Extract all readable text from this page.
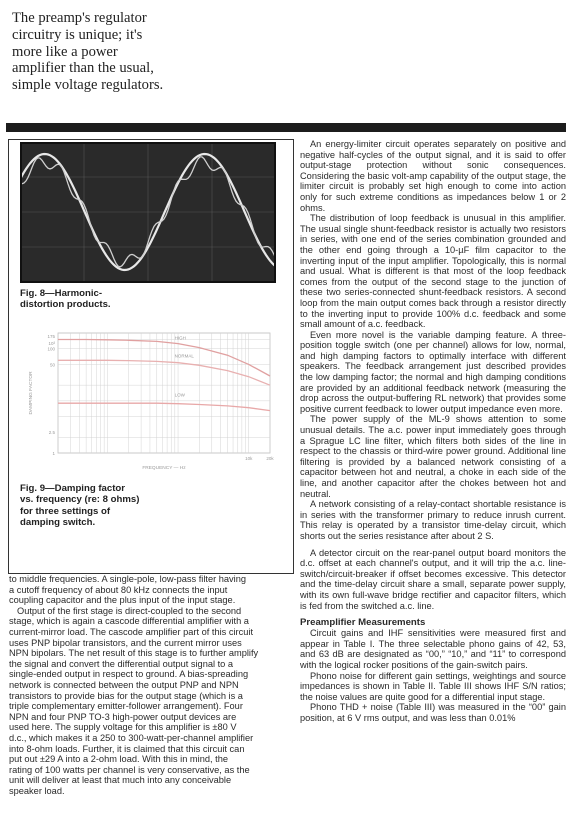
The preamp's regulator
circuitry is unique; it's
more like a power
amplifier than the usual,
simple voltage regulators.
Fig. 8—Harmonic-
distortion products.
HIGH
NORMAL
LOW
175
10³
100
50
2.5
1
10k	20k
FREQUENCY — Hz
DAMPING FACTOR
Fig. 9—Damping factor
vs. frequency (re: 8 ohms)
for three settings of
damping switch.
to middle frequencies. A single-pole, low-pass filter having
a cutoff frequency of about 80 kHz connects the input
coupling capacitor and the plus input of the input stage.
Output of the first stage is direct-coupled to the second
stage, which is again a cascode differential amplifier with a
current-mirror load. The cascode amplifier part of this circuit
uses PNP bipolar transistors, and the current mirror uses
NPN bipolars. The net result of this stage is to further amplify
the signal and convert the differential output signal to a
single-ended output in respect to ground. A bias-spreading
network is connected between the output PNP and NPN
transistors to provide bias for the output stage (which is a
triple complementary emitter-follower arrangement). Four
NPN and four PNP TO-3 high-power output devices are
used here. The supply voltage for this amplifier is ±80 V
d.c., which makes it a 250 to 300-watt-per-channel amplifier
into 8-ohm loads. Further, it is claimed that this circuit can
put out ±29 A into a 2-ohm load. With this in mind, the
rating of 100 watts per channel is very conservative, as the
unit will deliver at least that much into any conceivable
speaker load.

An energy-limiter circuit operates separately on positive and negative half-cycles of the output signal, and it is said to offer output-stage protection without sonic consequences. Considering the basic volt-amp capability of the output stage, the limiter circuit is probably set high enough to come into action only for such extreme conditions as impedances below 1 or 2 ohms.

The distribution of loop feedback is unusual in this amplifier. The usual single shunt-feedback resistor is actually two resistors in series, with one end of the series combination grounded and the other end going through a 10-µF film capacitor to the inverting input of the input amplifier. Topologically, this is normal and usual. What is different is that most of the loop feedback comes from the output of the second stage to the junction of these two series-connected shunt-feedback resistors. A second loop from the main output comes back through a resistor directly to the inverting input to provide 100% d.c. feedback and some small amount of a.c. feedback.

Even more novel is the variable damping feature. A three-position toggle switch (one per channel) allows for low, normal, and high damping factors to optimally interface with different speakers. The feedback arrangement just described provides the low damping factor; the normal and high damping conditions are provided by an additional feedback network (measuring the drop across the output-buffering RL network) that provides some positive current feedback to lower output impedance even more.

The power supply of the ML-9 shows attention to some unusual details. The a.c. power input immediately goes through a Sprague LC line filter, which filters both sides of the line in respect to the chassis or third-wire power ground. Additional line filtering is provided by a balanced network consisting of a capacitor between hot and neutral, a choke in each side of the line, and another capacitor after the chokes between hot and neutral.

A network consisting of a relay-contact shortable resistance is in series with the transformer primary to reduce inrush current. This relay is operated by a transistor time-delay circuit, which shorts out the series resistance after about 2 S.

A detector circuit on the rear-panel output board monitors the d.c. offset at each channel's output, and it will trip the a.c. line-switch/circuit-breaker if offset becomes excessive. This detector and the time-delay circuit share a small, separate power supply, with its own full-wave bridge rectifier and capacitor filters, which is fed from the switched a.c. line.

Preamplifier Measurements

Circuit gains and IHF sensitivities were measured first and appear in Table I. The three selectable phono gains of 42, 53, and 63 dB are designated as “00,” “10,” and “11” to correspond with the logical rocker positions of the gain-switch pairs.

Phono noise for different gain settings, weightings and source impedances is shown in Table II. Table III shows IHF S/N ratios; the noise values are quite good for a differential input stage.

Phono THD + noise (Table III) was measured in the “00” gain position, at 6 V rms output, and was less than 0.01%
